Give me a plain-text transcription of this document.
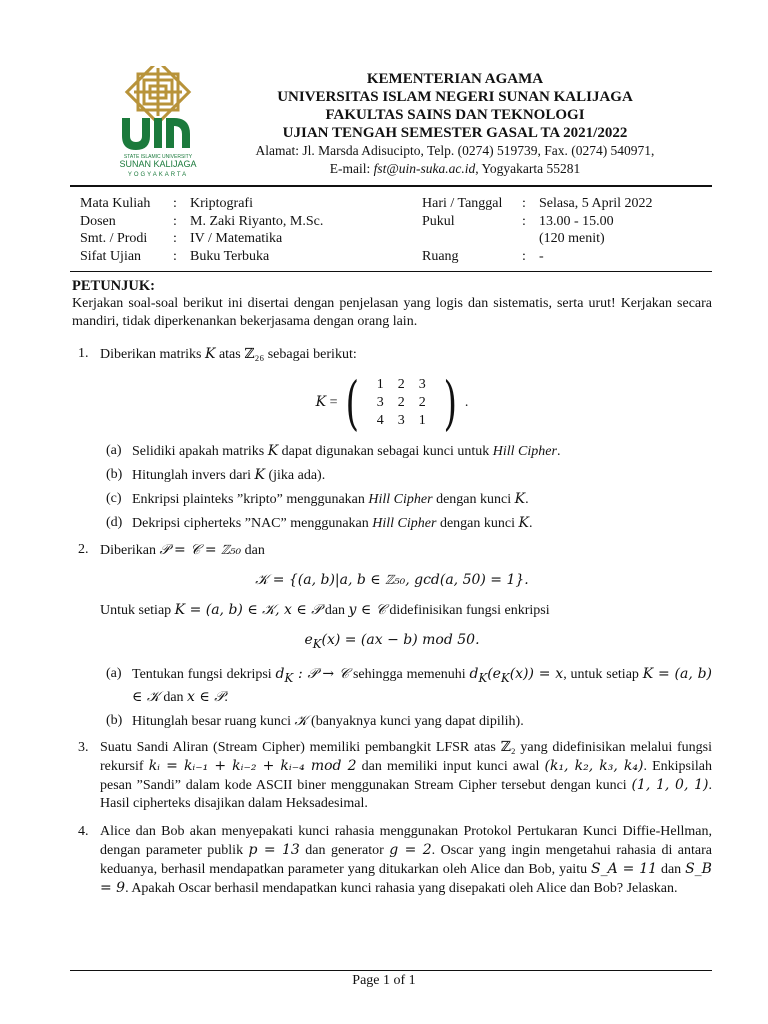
STATE ISLAMIC UNIVERSITY
SUNAN KALIJAGA
YOGYAKARTA
KEMENTERIAN AGAMA
UNIVERSITAS ISLAM NEGERI SUNAN KALIJAGA
FAKULTAS SAINS DAN TEKNOLOGI
UJIAN TENGAH SEMESTER GASAL TA 2021/2022
Alamat: Jl. Marsda Adisucipto, Telp. (0274) 519739, Fax. (0274) 540971,
E-mail: fst@uin-suka.ac.id, Yogyakarta 55281
Mata Kuliah : Kriptografi	Hari / Tanggal : Selasa, 5 April 2022
Dosen	: M. Zaki Riyanto, M.Sc.	Pukul	: 13.00 - 15.00
Smt. / Prodi : IV / Matematika	(120 menit)
Sifat Ujian : Buku Terbuka	Ruang	: -

PETUNJUK:

Kerjakan soal-soal berikut ini disertai dengan penjelasan yang logis dan sistematis, serta urut! Kerjakan secara mandiri, tidak diperkenankan bekerjasama dengan orang lain.

1. Diberikan matriks K atas ℤ₂₆ sebagai berikut:
K = ( 1	2	3
3	2	2
4	3	1 ) .
(a) Selidiki apakah matriks K dapat digunakan sebagai kunci untuk Hill Cipher.
(b) Hitunglah invers dari K (jika ada).
(c) Enkripsi plainteks ”kripto” menggunakan Hill Cipher dengan kunci K.
(d) Dekripsi cipherteks ”NAC” menggunakan Hill Cipher dengan kunci K.
2. Diberikan 𝒫 = 𝒞 = ℤ₅₀ dan
𝒦 = {(a, b)|a, b ∈ ℤ₅₀, gcd(a, 50) = 1}.
Untuk setiap K = (a, b) ∈ 𝒦, x ∈ 𝒫 dan y ∈ 𝒞 didefinisikan fungsi enkripsi
$e_K(x) = (ax - b)$ mod 50.
(a) Tentukan fungsi dekripsi $d_K$ : 𝒫 → 𝒞 sehingga memenuhi $d_K(e_K(x)) = x$, untuk setiap K = (a, b) ∈ 𝒦 dan x ∈ 𝒫.
(b) Hitunglah besar ruang kunci 𝒦 (banyaknya kunci yang dapat dipilih).
3. Suatu Sandi Aliran (Stream Cipher) memiliki pembangkit LFSR atas ℤ₂ yang didefinisikan melalui fungsi rekursif kᵢ = kᵢ₋₁ + kᵢ₋₂ + kᵢ₋₄ mod 2 dan memiliki input kunci awal (k₁, k₂, k₃, k₄). Enkipsilah pesan ”Sandi” dalam kode ASCII biner menggunakan Stream Cipher tersebut dengan kunci (1, 1, 0, 1). Hasil cipherteks disajikan dalam Heksadesimal.
4. Alice dan Bob akan menyepakati kunci rahasia menggunakan Protokol Pertukaran Kunci Diffie-Hellman, dengan parameter publik p = 13 dan generator g = 2. Oscar yang ingin mengetahui rahasia di antara keduanya, berhasil mendapatkan parameter yang ditukarkan oleh Alice dan Bob, yaitu S_A = 11 dan S_B = 9. Apakah Oscar berhasil mendapatkan kunci rahasia yang disepakati oleh Alice dan Bob? Jelaskan.
Page 1 of 1
